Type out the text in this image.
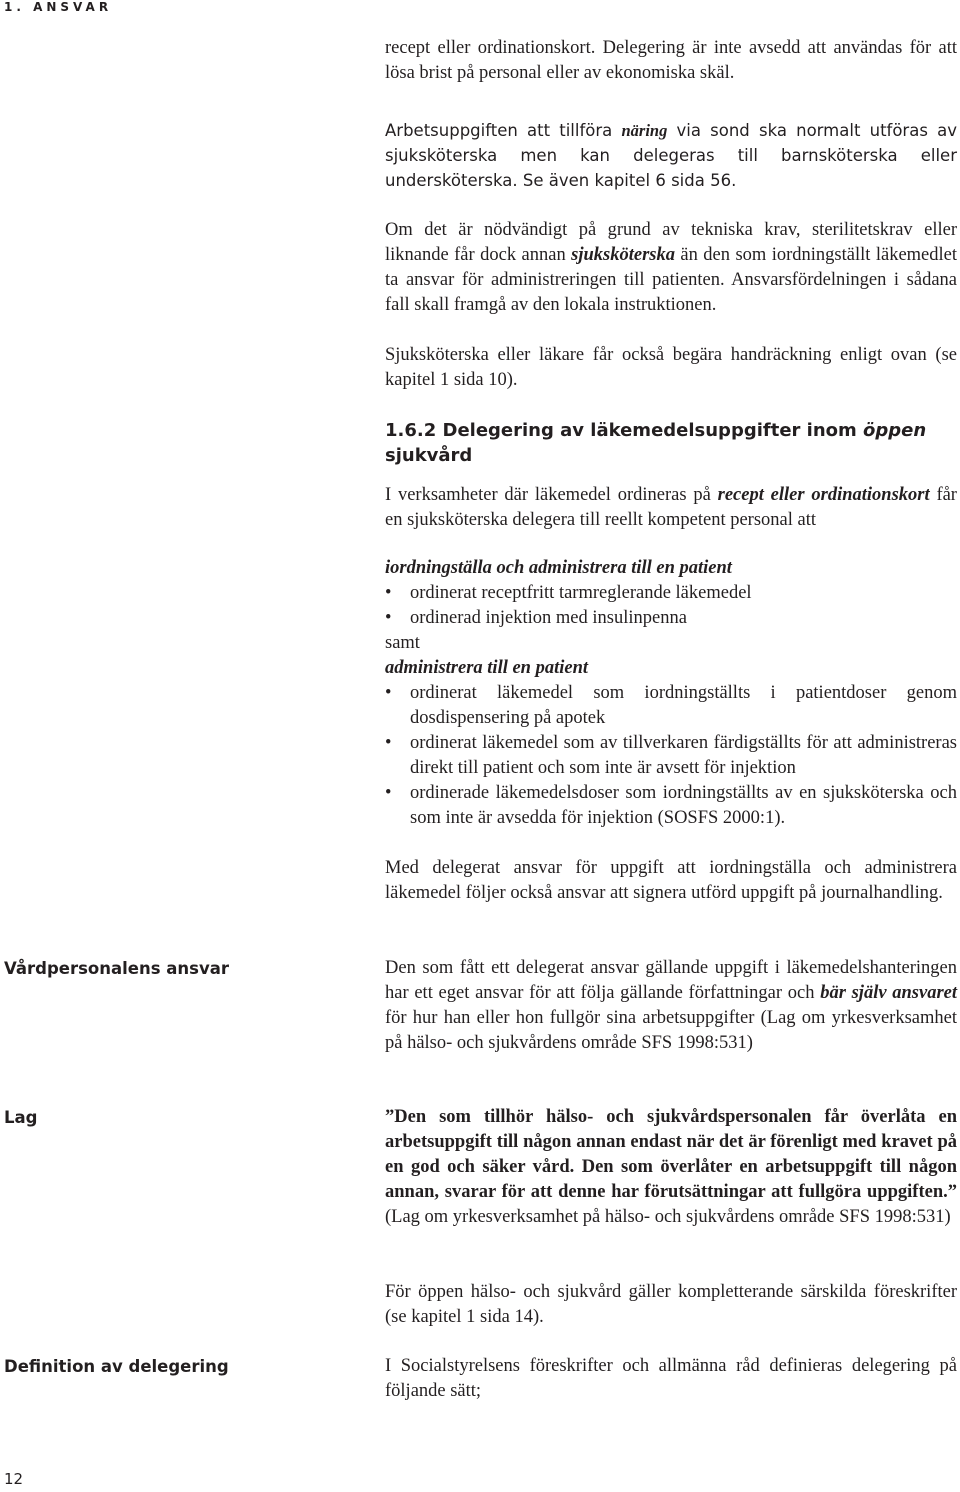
1. ANSVAR

recept eller ordinationskort. Delegering är inte avsedd att användas för att lösa brist på personal eller av ekonomiska skäl.

Arbetsuppgiften att tillföra näring via sond ska normalt utföras av sjuksköterska men kan delegeras till barnsköterska eller undersköterska. Se även kapitel 6 sida 56.

Om det är nödvändigt på grund av tekniska krav, sterilitetskrav eller liknande får dock annan sjuksköterska än den som iordningställt läkemedlet ta ansvar för administreringen till patienten. Ansvarsfördelningen i sådana fall skall framgå av den lokala instruktionen.

Sjuksköterska eller läkare får också begära handräckning enligt ovan (se kapitel 1 sida 10).

1.6.2 Delegering av läkemedelsuppgifter inom öppen sjukvård

I verksamheter där läkemedel ordineras på recept eller ordinationskort får en sjuksköterska delegera till reellt kompetent personal att

iordningställa och administrera till en patient

• ordinerat receptfritt tarmreglerande läkemedel
• ordinerad injektion med insulinpenna

samt

administrera till en patient

• ordinerat läkemedel som iordningställts i patientdoser genom dosdispensering på apotek
• ordinerat läkemedel som av tillverkaren färdigställts för att administreras direkt till patient och som inte är avsett för injektion
• ordinerade läkemedelsdoser som iordningställts av en sjuksköterska och som inte är avsedda för injektion (SOSFS 2000:1).

Med delegerat ansvar för uppgift att iordningställa och administrera läkemedel följer också ansvar att signera utförd uppgift på journalhandling.

Vårdpersonalens ansvar	Den som fått ett delegerat ansvar gällande uppgift i läkemedelshanteringen har ett eget ansvar för att följa gällande författningar och bär själv ansvaret för hur han eller hon fullgör sina arbetsuppgifter (Lag om yrkesverksamhet på hälso- och sjukvårdens område SFS 1998:531)

Lag	”Den som tillhör hälso- och sjukvårdspersonalen får överlåta en arbetsuppgift till någon annan endast när det är förenligt med kravet på en god och säker vård. Den som överlåter en arbetsuppgift till någon annan, svarar för att denne har förutsättningar att fullgöra uppgiften.” (Lag om yrkesverksamhet på hälso- och sjukvårdens område SFS 1998:531)

För öppen hälso- och sjukvård gäller kompletterande särskilda föreskrifter (se kapitel 1 sida 14).

Definition av delegering	I Socialstyrelsens föreskrifter och allmänna råd definieras delegering på följande sätt;

12
